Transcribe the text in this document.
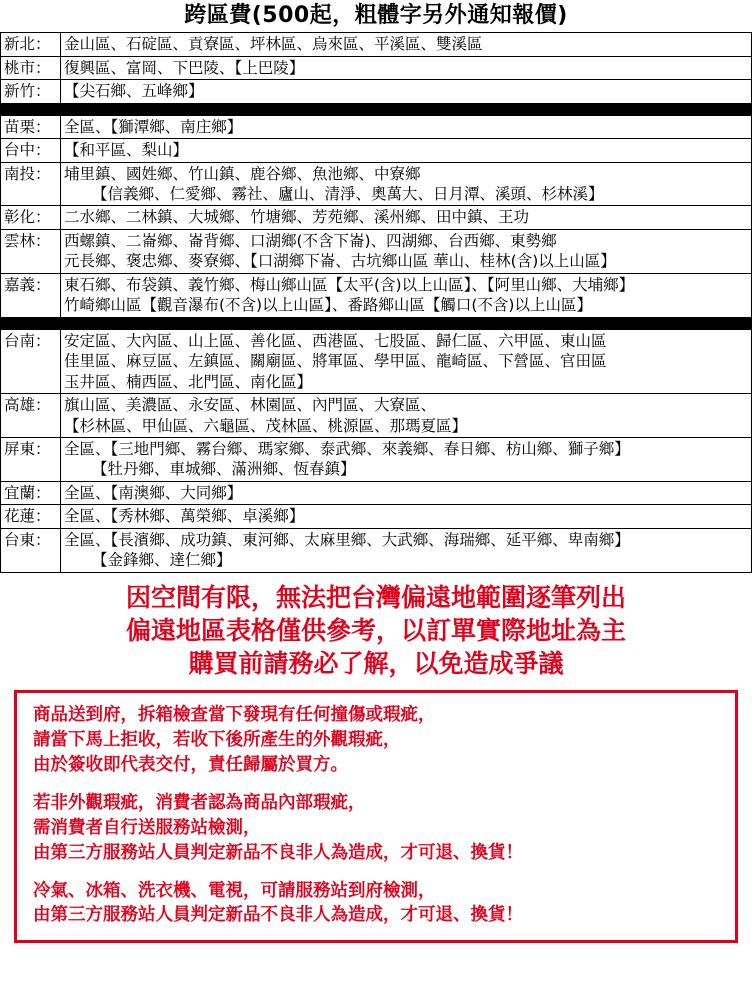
跨區費(500起，粗體字另外通知報價)
新北：	金山區、石碇區、貢寮區、坪林區、烏來區、平溪區、雙溪區

桃市：	復興區、富岡、下巴陵、【上巴陵】

新竹：	【尖石鄉、五峰鄉】

苗栗：	全區、【獅潭鄉、南庄鄉】

台中：	【和平區、梨山】

南投：	埔里鎮、國姓鄉、竹山鎮、鹿谷鄉、魚池鄉、中寮鄉
【信義鄉、仁愛鄉、霧社、廬山、清淨、奧萬大、日月潭、溪頭、杉林溪】

彰化：	二水鄉、二林鎮、大城鄉、竹塘鄉、芳苑鄉、溪州鄉、田中鎮、王功

雲林：	西螺鎮、二崙鄉、崙背鄉、口湖鄉(不含下崙)、四湖鄉、台西鄉、東勢鄉
元長鄉、褒忠鄉、麥寮鄉、【口湖鄉下崙、古坑鄉山區 華山、桂林(含)以上山區】

嘉義：	東石鄉、布袋鎮、義竹鄉、梅山鄉山區【太平(含)以上山區】、【阿里山鄉、大埔鄉】
竹崎鄉山區【觀音瀑布(不含)以上山區】、番路鄉山區【觸口(不含)以上山區】

台南：	安定區、大內區、山上區、善化區、西港區、七股區、歸仁區、六甲區、東山區
佳里區、麻豆區、左鎮區、關廟區、將軍區、學甲區、龍崎區、下營區、官田區
玉井區、楠西區、北門區、南化區】

高雄：	旗山區、美濃區、永安區、林園區、內門區、大寮區、
【杉林區、甲仙區、六龜區、茂林區、桃源區、那瑪夏區】

屏東：	全區、【三地門鄉、霧台鄉、瑪家鄉、泰武鄉、來義鄉、春日鄉、枋山鄉、獅子鄉】
【牡丹鄉、車城鄉、滿洲鄉、恆春鎮】

宜蘭：	全區、【南澳鄉、大同鄉】

花蓮：	全區、【秀林鄉、萬榮鄉、卓溪鄉】

台東：	全區、【長濱鄉、成功鎮、東河鄉、太麻里鄉、大武鄉、海瑞鄉、延平鄉、卑南鄉】
【金鋒鄉、達仁鄉】
因空間有限，無法把台灣偏遠地範圍逐筆列出
偏遠地區表格僅供參考，以訂單實際地址為主
購買前請務必了解，以免造成爭議

商品送到府，拆箱檢查當下發現有任何撞傷或瑕疵，
請當下馬上拒收，若收下後所產生的外觀瑕疵，
由於簽收即代表交付，責任歸屬於買方。

若非外觀瑕疵，消費者認為商品內部瑕疵，
需消費者自行送服務站檢測，
由第三方服務站人員判定新品不良非人為造成，才可退、換貨！

冷氣、冰箱、洗衣機、電視，可請服務站到府檢測，
由第三方服務站人員判定新品不良非人為造成，才可退、換貨！
